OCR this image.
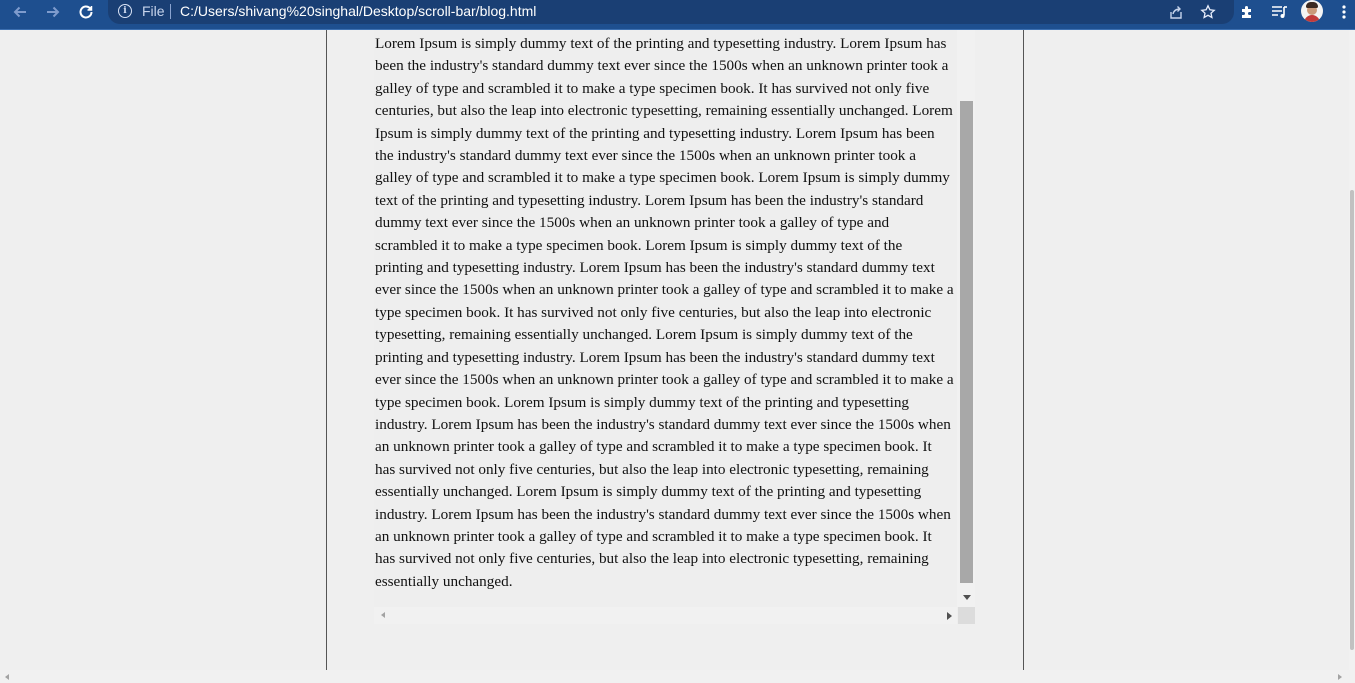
i	File C:/Users/shivang%20singhal/Desktop/scroll-bar/blog.html

Lorem Ipsum is simply dummy text of the printing and typesetting industry. Lorem Ipsum has been the industry's standard dummy text ever since the 1500s when an unknown printer took a galley of type and scrambled it to make a type specimen book. It has survived not only five centuries, but also the leap into electronic typesetting, remaining essentially unchanged. Lorem Ipsum is simply dummy text of the printing and typesetting industry. Lorem Ipsum has been the industry's standard dummy text ever since the 1500s when an unknown printer took a galley of type and scrambled it to make a type specimen book. Lorem Ipsum is simply dummy text of the printing and typesetting industry. Lorem Ipsum has been the industry's standard dummy text ever since the 1500s when an unknown printer took a galley of type and scrambled it to make a type specimen book. Lorem Ipsum is simply dummy text of the printing and typesetting industry. Lorem Ipsum has been the industry's standard dummy text ever since the 1500s when an unknown printer took a galley of type and scrambled it to make a type specimen book. It has survived not only five centuries, but also the leap into electronic typesetting, remaining essentially unchanged. Lorem Ipsum is simply dummy text of the printing and typesetting industry. Lorem Ipsum has been the industry's standard dummy text ever since the 1500s when an unknown printer took a galley of type and scrambled it to make a type specimen book. Lorem Ipsum is simply dummy text of the printing and typesetting industry. Lorem Ipsum has been the industry's standard dummy text ever since the 1500s when an unknown printer took a galley of type and scrambled it to make a type specimen book. It has survived not only five centuries, but also the leap into electronic typesetting, remaining essentially unchanged. Lorem Ipsum is simply dummy text of the printing and typesetting industry. Lorem Ipsum has been the industry's standard dummy text ever since the 1500s when an unknown printer took a galley of type and scrambled it to make a type specimen book. It has survived not only five centuries, but also the leap into electronic typesetting, remaining essentially unchanged.
